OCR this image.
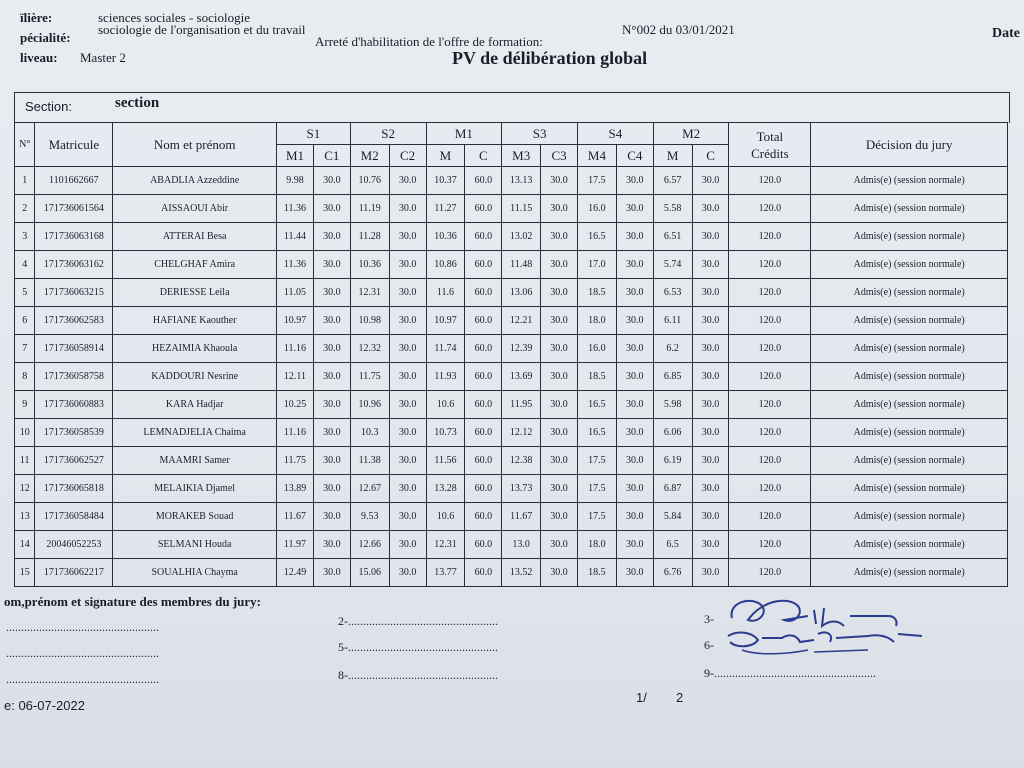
ïlière:	sciences sociales - sociologie
pécialité:
sociologie de l'organisation et du travail
liveau: Master 2
Arreté d'habilitation de l'offre de formation:
N°002 du 03/01/2021	Date
PV de délibération global
Section:	section
N°	Matricule	Nom et prénom	S1		S2		M1		S3		S4		M2		Total
Crédits	Décision du jury
			M1	C1	M2	C2	M	C	M3	C3	M4	C4	M	C		
1	1101662667	ABADLIA Azzeddine	9.98	30.0	10.76	30.0	10.37	60.0	13.13	30.0	17.5	30.0	6.57	30.0	120.0	Admis(e) (session normale)
2	171736061564	AISSAOUI Abir	11.36	30.0	11.19	30.0	11.27	60.0	11.15	30.0	16.0	30.0	5.58	30.0	120.0	Admis(e) (session normale)
3	171736063168	ATTERAI Besa	11.44	30.0	11.28	30.0	10.36	60.0	13.02	30.0	16.5	30.0	6.51	30.0	120.0	Admis(e) (session normale)
4	171736063162	CHELGHAF Amira	11.36	30.0	10.36	30.0	10.86	60.0	11.48	30.0	17.0	30.0	5.74	30.0	120.0	Admis(e) (session normale)
5	171736063215	DERIESSE Leila	11.05	30.0	12.31	30.0	11.6	60.0	13.06	30.0	18.5	30.0	6.53	30.0	120.0	Admis(e) (session normale)
6	171736062583	HAFIANE Kaouther	10.97	30.0	10.98	30.0	10.97	60.0	12.21	30.0	18.0	30.0	6.11	30.0	120.0	Admis(e) (session normale)
7	171736058914	HEZAIMIA Khaoula	11.16	30.0	12.32	30.0	11.74	60.0	12.39	30.0	16.0	30.0	6.2	30.0	120.0	Admis(e) (session normale)
8	171736058758	KADDOURI Nesrine	12.11	30.0	11.75	30.0	11.93	60.0	13.69	30.0	18.5	30.0	6.85	30.0	120.0	Admis(e) (session normale)
9	171736060883	KARA Hadjar	10.25	30.0	10.96	30.0	10.6	60.0	11.95	30.0	16.5	30.0	5.98	30.0	120.0	Admis(e) (session normale)
10	171736058539	LEMNADJELIA Chaima	11.16	30.0	10.3	30.0	10.73	60.0	12.12	30.0	16.5	30.0	6.06	30.0	120.0	Admis(e) (session normale)
11	171736062527	MAAMRI Samer	11.75	30.0	11.38	30.0	11.56	60.0	12.38	30.0	17.5	30.0	6.19	30.0	120.0	Admis(e) (session normale)
12	171736065818	MELAIKIA Djamel	13.89	30.0	12.67	30.0	13.28	60.0	13.73	30.0	17.5	30.0	6.87	30.0	120.0	Admis(e) (session normale)
13	171736058484	MORAKEB Souad	11.67	30.0	9.53	30.0	10.6	60.0	11.67	30.0	17.5	30.0	5.84	30.0	120.0	Admis(e) (session normale)
14	20046052253	SELMANI Houda	11.97	30.0	12.66	30.0	12.31	60.0	13.0	30.0	18.0	30.0	6.5	30.0	120.0	Admis(e) (session normale)
15	171736062217	SOUALHIA Chayma	12.49	30.0	15.06	30.0	13.77	60.0	13.52	30.0	18.5	30.0	6.76	30.0	120.0	Admis(e) (session normale)
om,prénom et signature des membres du jury:
...................................................
...................................................
...................................................
2-..................................................
5-..................................................
8-..................................................
3-
6-
9-......................................................
e: 06-07-2022
1/ 2
